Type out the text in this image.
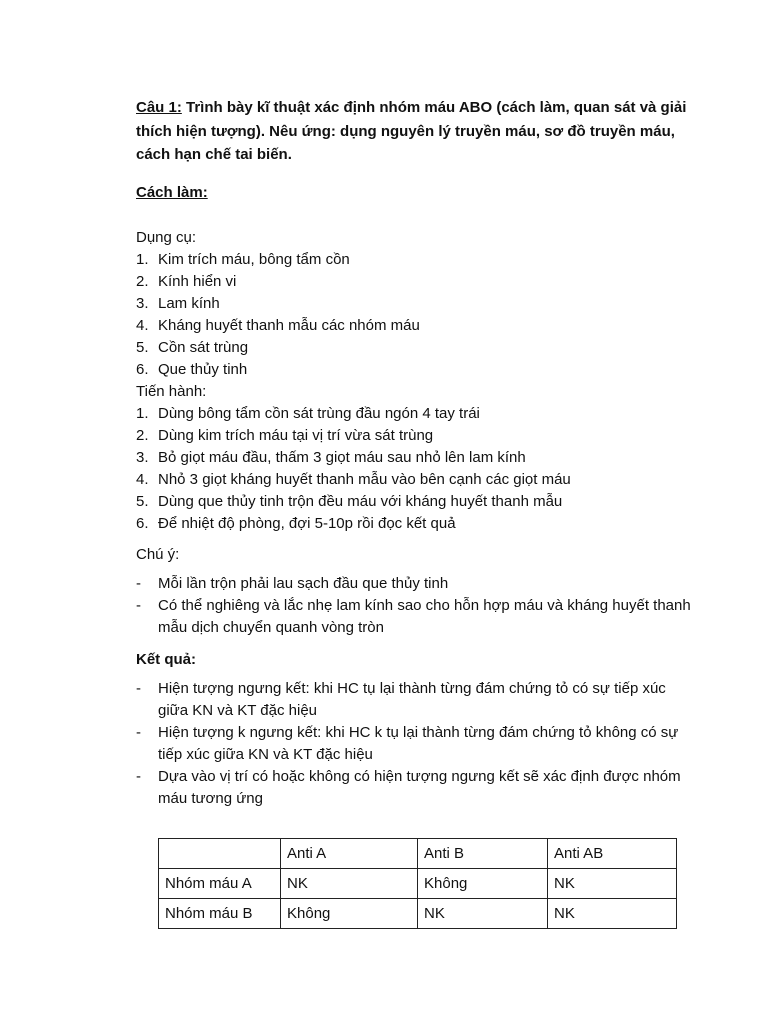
Câu 1: Trình bày kĩ thuật xác định nhóm máu ABO (cách làm, quan sát và giải thích hiện tượng). Nêu ứng: dụng nguyên lý truyền máu, sơ đồ truyền máu, cách hạn chế tai biến.
Cách làm:
Dụng cụ:
1. Kim trích máu, bông tẩm cồn
2. Kính hiển vi
3. Lam kính
4. Kháng huyết thanh mẫu các nhóm máu
5. Cồn sát trùng
6. Que thủy tinh
Tiến hành:
1. Dùng bông tẩm cồn sát trùng đầu ngón 4 tay trái
2. Dùng kim trích máu tại vị trí vừa sát trùng
3. Bỏ giọt máu đầu, thấm 3 giọt máu sau nhỏ lên lam kính
4. Nhỏ 3 giọt kháng huyết thanh mẫu vào bên cạnh các giọt máu
5. Dùng que thủy tinh trộn đều máu với kháng huyết thanh mẫu
6. Để nhiệt độ phòng, đợi 5-10p rồi đọc kết quả
Chú ý:
-	Mỗi lần trộn phải lau sạch đầu que thủy tinh
-	Có thể nghiêng và lắc nhẹ lam kính sao cho hỗn hợp máu và kháng huyết thanh mẫu dịch chuyển quanh vòng tròn
Kết quả:
-	Hiện tượng ngưng kết: khi HC tụ lại thành từng đám chứng tỏ có sự tiếp xúc giữa KN và KT đặc hiệu
-	Hiện tượng k ngưng kết: khi HC k tụ lại thành từng đám chứng tỏ không có sự tiếp xúc giữa KN và KT đặc hiệu
-	Dựa vào vị trí có hoặc không có hiện tượng ngưng kết sẽ xác định được nhóm máu tương ứng
	Anti A	Anti B	Anti AB
Nhóm máu A	NK	Không	NK
Nhóm máu B	Không	NK	NK
